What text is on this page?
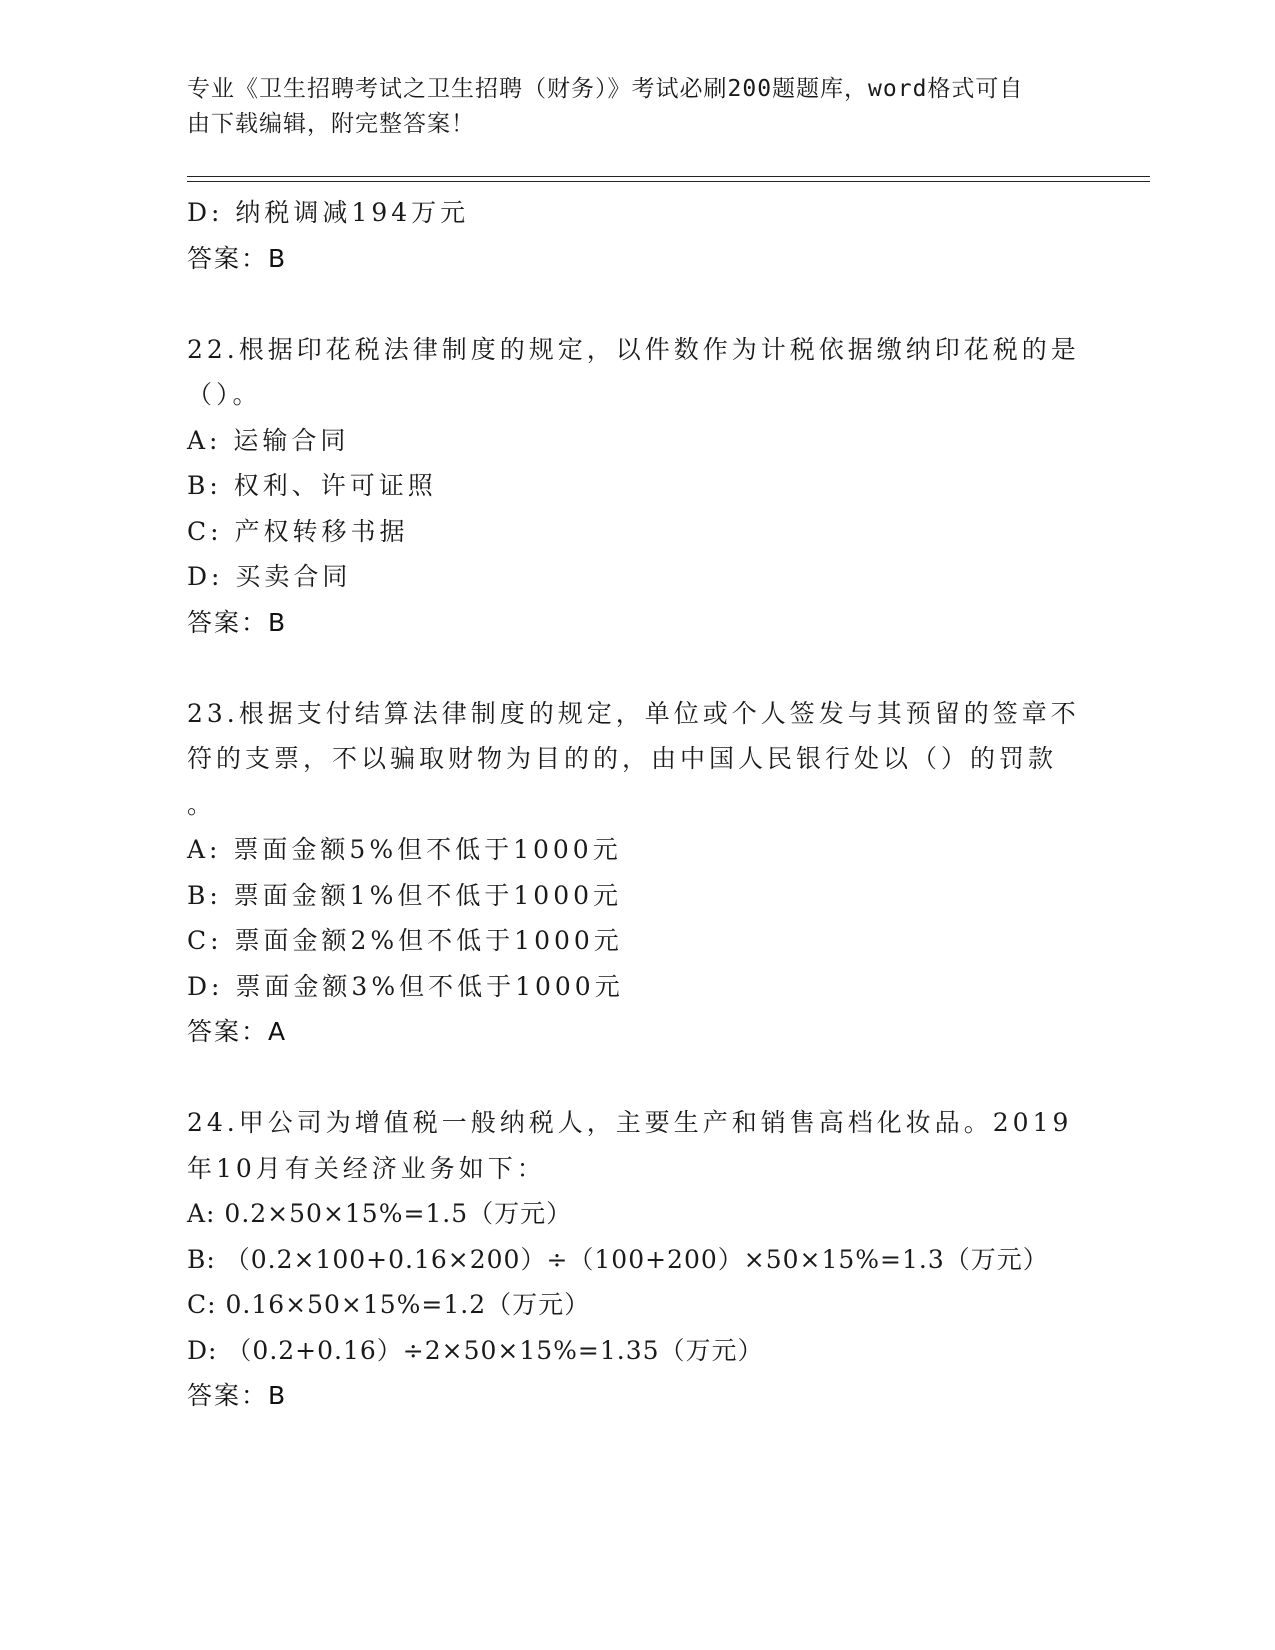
专业《卫生招聘考试之卫生招聘（财务）》考试必刷200题题库，word格式可自
由下载编辑，附完整答案！
D: 纳税调减194万元
答案：B
22.根据印花税法律制度的规定，以件数作为计税依据缴纳印花税的是
（）。
A: 运输合同
B: 权利、许可证照
C: 产权转移书据
D: 买卖合同
答案：B
23.根据支付结算法律制度的规定，单位或个人签发与其预留的签章不
符的支票，不以骗取财物为目的的，由中国人民银行处以（）的罚款
。
A: 票面金额5%但不低于1000元
B: 票面金额1%但不低于1000元
C: 票面金额2%但不低于1000元
D: 票面金额3%但不低于1000元
答案：A
24.甲公司为增值税一般纳税人，主要生产和销售高档化妆品。2019
年10月有关经济业务如下：
A: 0.2×50×15%=1.5（万元）
B: （0.2×100+0.16×200）÷（100+200）×50×15%=1.3（万元）
C: 0.16×50×15%=1.2（万元）
D: （0.2+0.16）÷2×50×15%=1.35（万元）
答案：B
